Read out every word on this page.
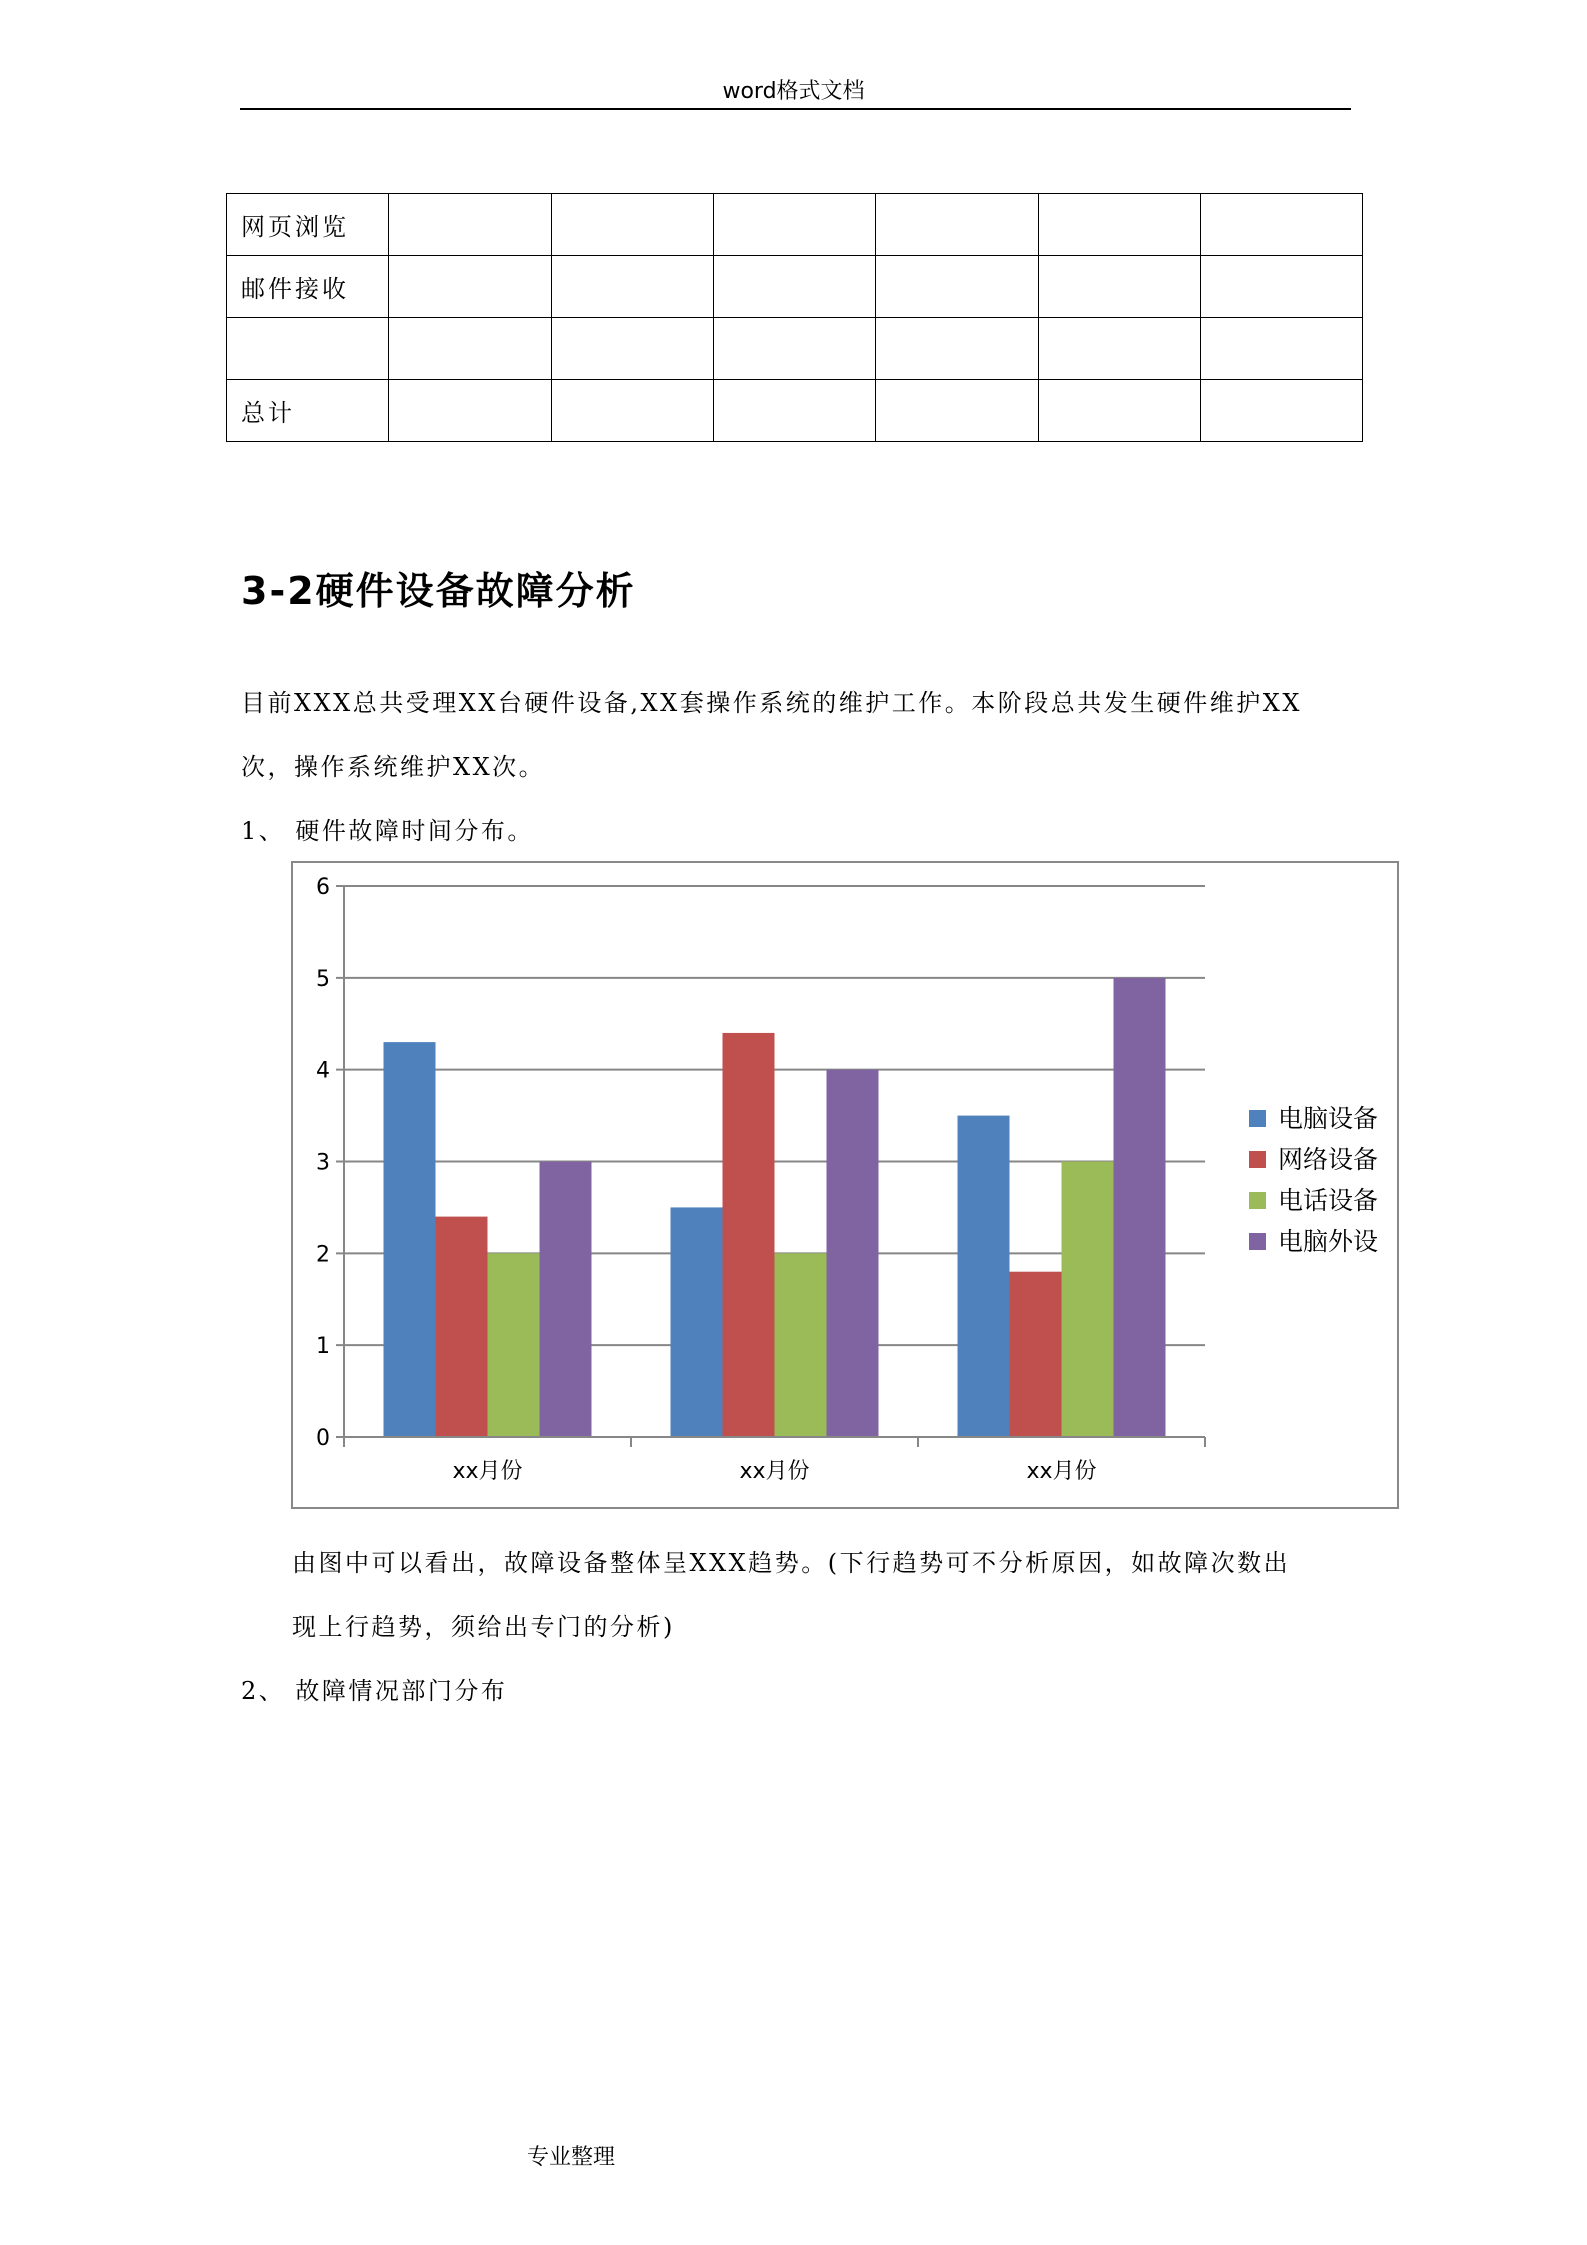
word格式文档
网页浏览						
邮件接收						

总计						
3-2硬件设备故障分析
目前XXX总共受理XX台硬件设备,XX套操作系统的维护工作。本阶段总共发生硬件维护XX
次，操作系统维护XX次。
1、 硬件故障时间分布。
0
1
2
3
4
5
6
xx月份	xx月份	xx月份
电脑设备
网络设备
电话设备
电脑外设
由图中可以看出，故障设备整体呈XXX趋势。(下行趋势可不分析原因，如故障次数出
现上行趋势，须给出专门的分析)
2、 故障情况部门分布
专业整理
